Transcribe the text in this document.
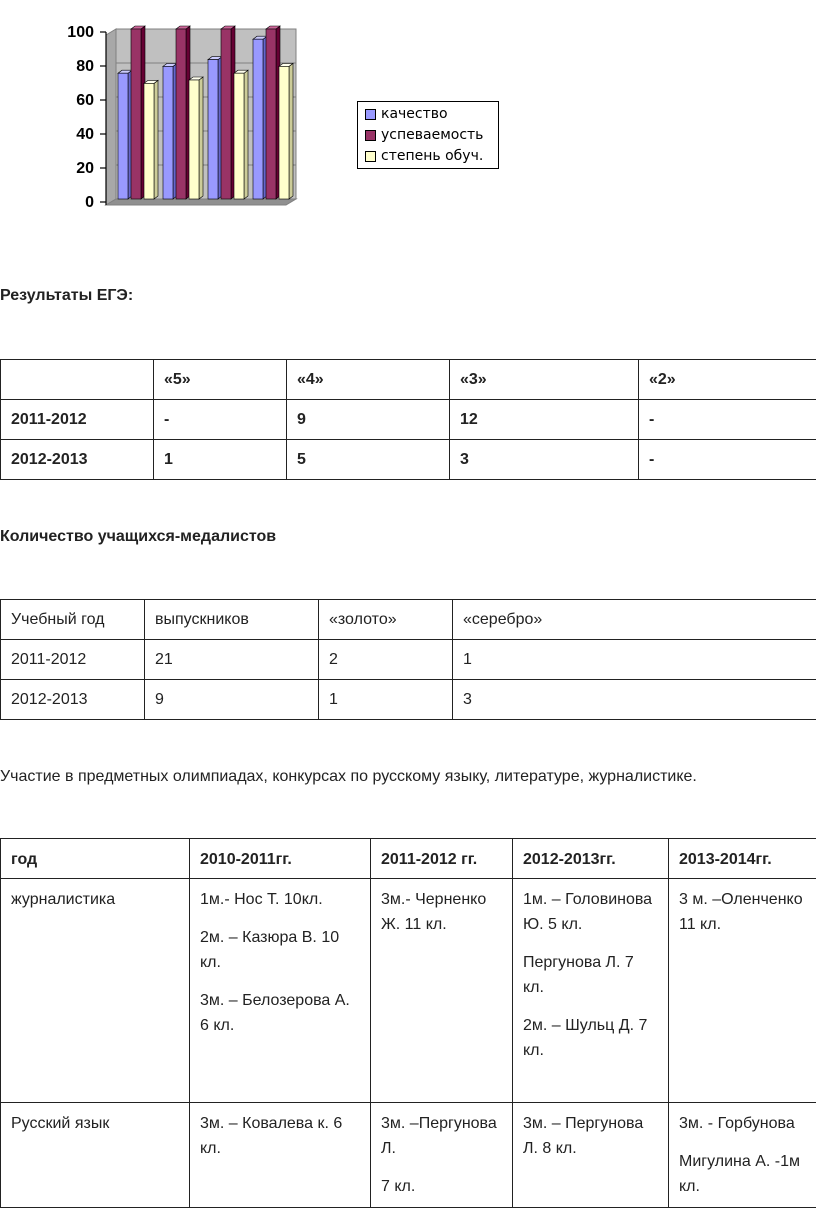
0
20
40
60
80
100
качество
успеваемость
степень обуч.
Результаты ЕГЭ:
	«5»	«4»	«3»	«2»
2011-2012	-	9	12	-
2012-2013	1	5	3	-
Количество учащихся-медалистов
Учебный год	выпускников	«золото»	«серебро»
2011-2012	21	2	1
2012-2013	9	1	3
Участие в предметных олимпиадах, конкурсах по русскому языку, литературе, журналистике.
год	2010-2011гг.	2011-2012 гг.	2012-2013гг.	2013-2014гг.

журналистика	1м.- Нос Т. 10кл.
2м. – Казюра В. 10 кл.
3м. – Белозерова А. 6 кл.	3м.- Черненко Ж. 11 кл.	1м. – Головинова Ю. 5 кл.
Пергунова Л. 7 кл.
2м. – Шульц Д. 7 кл.	3 м. –Оленченко 11 кл.

Русский язык	3м. – Ковалева к. 6 кл.	3м. –Пергунова Л.
7 кл.	3м. – Пергунова Л. 8 кл.	3м. - Горбунова
Мигулина А. -1м кл.
